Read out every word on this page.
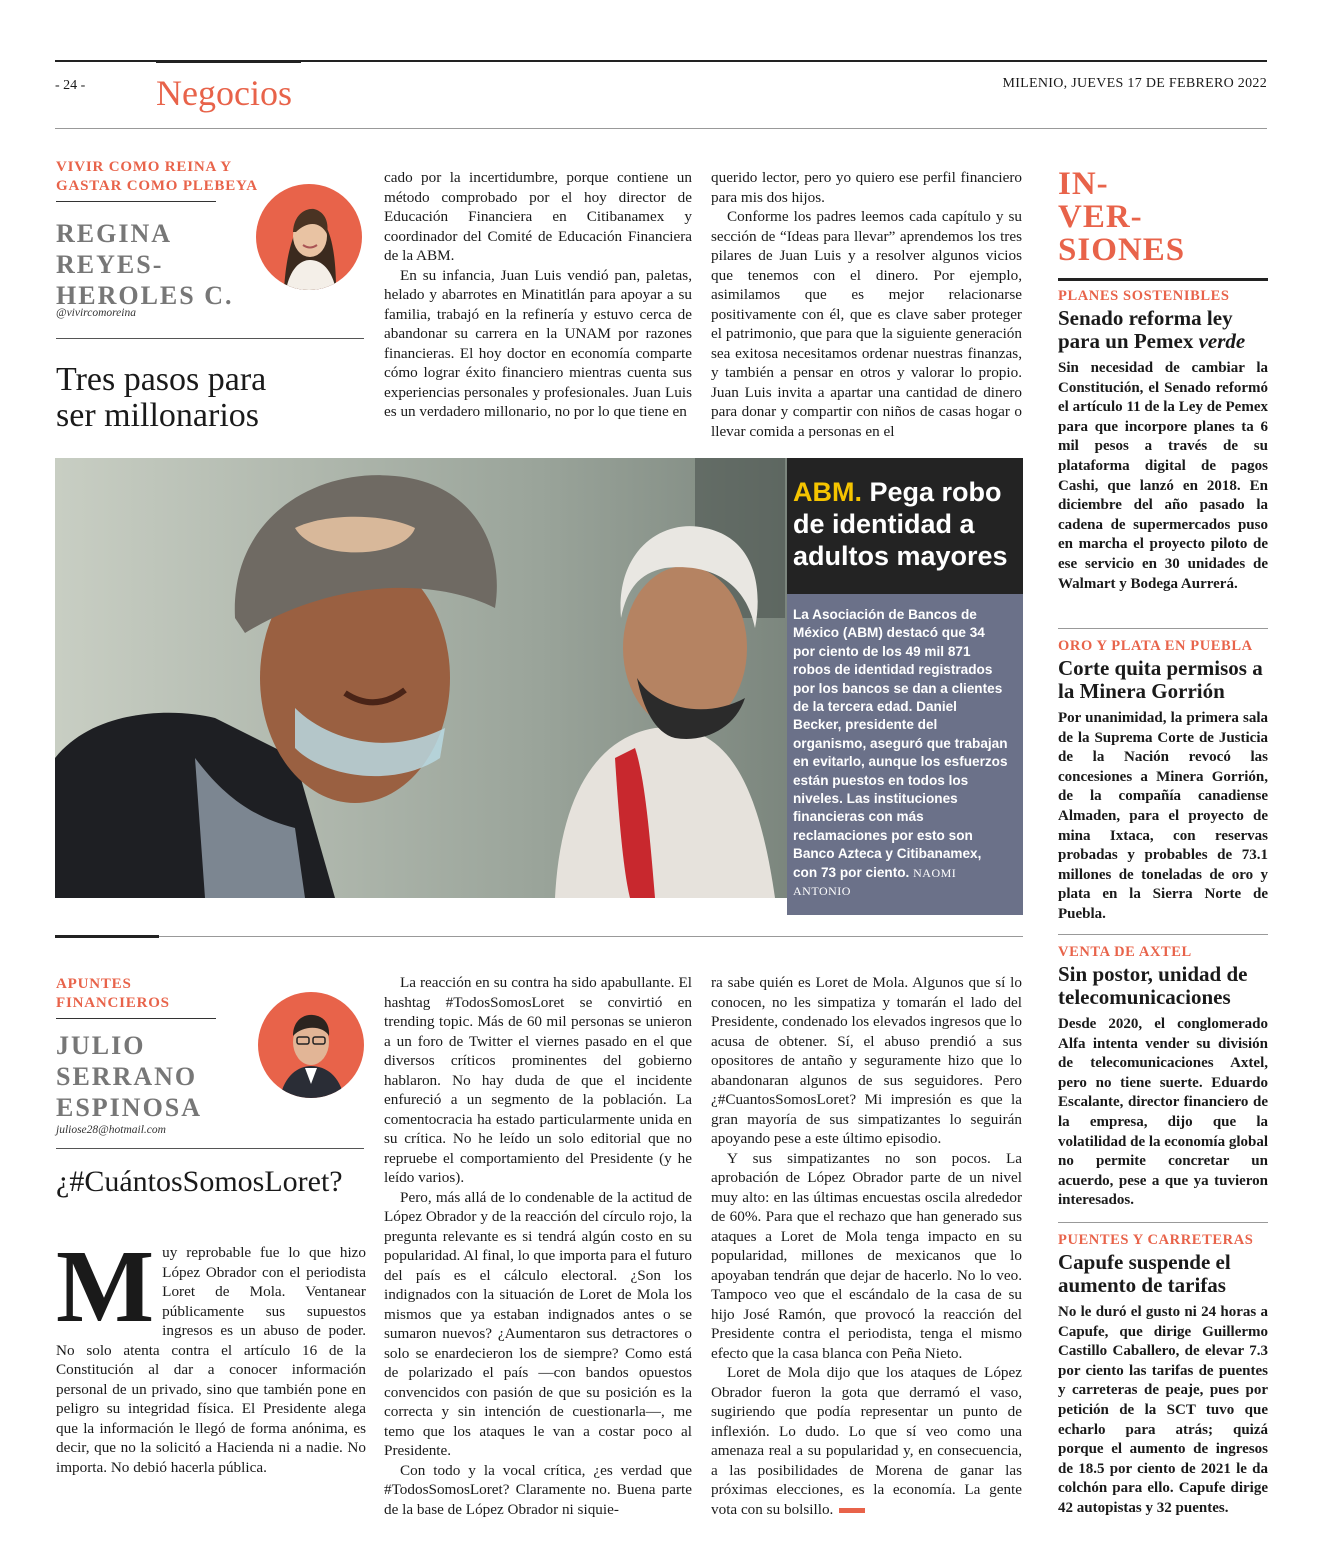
- 24 - Negocios	MILENIO, JUEVES 17 DE FEBRERO 2022
VIVIR COMO REINA Y
GASTAR COMO PLEBEYA
REGINA
REYES-
HEROLES C.
@vivircomoreina
Tres pasos para
ser millonarios

cado por la incertidumbre, porque contiene un método comprobado por el hoy director de Educación Financiera en Citibanamex y coordinador del Comité de Educación Financiera de la ABM.

En su infancia, Juan Luis vendió pan, paletas, helado y abarrotes en Minatitlán para apoyar a su familia, trabajó en la refinería y estuvo cerca de abandonar su carrera en la UNAM por razones financieras. El hoy doctor en economía comparte cómo lograr éxito financiero mientras cuenta sus experiencias personales y profesionales. Juan Luis es un verdadero millonario, no por lo que tiene en

querido lector, pero yo quiero ese perfil financiero para mis dos hijos.

Conforme los padres leemos cada capítulo y su sección de “Ideas para llevar” aprendemos los tres pilares de Juan Luis y a resolver algunos vicios que tenemos con el dinero. Por ejemplo, asimilamos que es mejor relacionarse positivamente con él, que es clave saber proteger el patrimonio, que para que la siguiente generación sea exitosa necesitamos ordenar nuestras finanzas, y también a pensar en otros y valorar lo propio. Juan Luis invita a apartar una cantidad de dinero para donar y compartir con niños de casas hogar o llevar comida a personas en el

ABM. Pega robo de identidad a adultos mayores
La Asociación de Bancos de México (ABM) destacó que 34 por ciento de los 49 mil 871 robos de identidad registrados por los bancos se dan a clientes de la tercera edad. Daniel Becker, presidente del organismo, aseguró que trabajan en evitarlo, aunque los esfuerzos están puestos en todos los niveles. Las instituciones financieras con más reclamaciones por esto son Banco Azteca y Citibanamex, con 73 por ciento. NAOMI ANTONIO
APUNTES
FINANCIEROS
JULIO
SERRANO
ESPINOSA
juliose28@hotmail.com
¿#CuántosSomosLoret?
M uy reprobable fue lo que hizo López Obrador con el periodista Loret de Mola. Ventanear públicamente sus supuestos ingresos es un abuso de poder. No solo atenta contra el artículo 16 de la Constitución al dar a conocer información personal de un privado, sino que también pone en peligro su integridad física. El Presidente alega que la información le llegó de forma anónima, es decir, que no la solicitó a Hacienda ni a nadie. No importa. No debió hacerla pública.

La reacción en su contra ha sido apabullante. El hashtag #TodosSomosLoret se convirtió en trending topic. Más de 60 mil personas se unieron a un foro de Twitter el viernes pasado en el que diversos críticos prominentes del gobierno hablaron. No hay duda de que el incidente enfureció a un segmento de la población. La comentocracia ha estado particularmente unida en su crítica. No he leído un solo editorial que no repruebe el comportamiento del Presidente (y he leído varios).

Pero, más allá de lo condenable de la actitud de López Obrador y de la reacción del círculo rojo, la pregunta relevante es si tendrá algún costo en su popularidad. Al final, lo que importa para el futuro del país es el cálculo electoral. ¿Son los indignados con la situación de Loret de Mola los mismos que ya estaban indignados antes o se sumaron nuevos? ¿Aumentaron sus detractores o solo se enardecieron los de siempre? Como está de polarizado el país —con bandos opuestos convencidos con pasión de que su posición es la correcta y sin intención de cuestionarla—, me temo que los ataques le van a costar poco al Presidente.

Con todo y la vocal crítica, ¿es verdad que #TodosSomosLoret? Claramente no. Buena parte de la base de López Obrador ni siquie-

ra sabe quién es Loret de Mola. Algunos que sí lo conocen, no les simpatiza y tomarán el lado del Presidente, condenado los elevados ingresos que lo acusa de obtener. Sí, el abuso prendió a sus opositores de antaño y seguramente hizo que lo abandonaran algunos de sus seguidores. Pero ¿#CuantosSomosLoret? Mi impresión es que la gran mayoría de sus simpatizantes lo seguirán apoyando pese a este último episodio.

Y sus simpatizantes no son pocos. La aprobación de López Obrador parte de un nivel muy alto: en las últimas encuestas oscila alrededor de 60%. Para que el rechazo que han generado sus ataques a Loret de Mola tenga impacto en su popularidad, millones de mexicanos que lo apoyaban tendrán que dejar de hacerlo. No lo veo. Tampoco veo que el escándalo de la casa de su hijo José Ramón, que provocó la reacción del Presidente contra el periodista, tenga el mismo efecto que la casa blanca con Peña Nieto.

Loret de Mola dijo que los ataques de López Obrador fueron la gota que derramó el vaso, sugiriendo que podía representar un punto de inflexión. Lo dudo. Lo que sí veo como una amenaza real a su popularidad y, en consecuencia, a las posibilidades de Morena de ganar las próximas elecciones, es la economía. La gente vota con su bolsillo.

IN-
VER-
SIONES
PLANES SOSTENIBLES
Senado reforma ley para un Pemex verde
Sin necesidad de cambiar la Constitución, el Senado reformó el artículo 11 de la Ley de Pemex para que incorpore planes ta 6 mil pesos a través de su plataforma digital de pagos Cashi, que lanzó en 2018. En diciembre del año pasado la cadena de supermercados puso en marcha el proyecto piloto de ese servicio en 30 unidades de Walmart y Bodega Aurrerá.
ORO Y PLATA EN PUEBLA
Corte quita permisos a la Minera Gorrión
Por unanimidad, la primera sala de la Suprema Corte de Justicia de la Nación revocó las concesiones a Minera Gorrión, de la compañía canadiense Almaden, para el proyecto de mina Ixtaca, con reservas probadas y probables de 73.1 millones de toneladas de oro y plata en la Sierra Norte de Puebla.
VENTA DE AXTEL
Sin postor, unidad de telecomunicaciones
Desde 2020, el conglomerado Alfa intenta vender su división de telecomunicaciones Axtel, pero no tiene suerte. Eduardo Escalante, director financiero de la empresa, dijo que la volatilidad de la economía global no permite concretar un acuerdo, pese a que ya tuvieron interesados.
PUENTES Y CARRETERAS
Capufe suspende el aumento de tarifas
No le duró el gusto ni 24 horas a Capufe, que dirige Guillermo Castillo Caballero, de elevar 7.3 por ciento las tarifas de puentes y carreteras de peaje, pues por petición de la SCT tuvo que echarlo para atrás; quizá porque el aumento de ingresos de 18.5 por ciento de 2021 le da colchón para ello. Capufe dirige 42 autopistas y 32 puentes.
